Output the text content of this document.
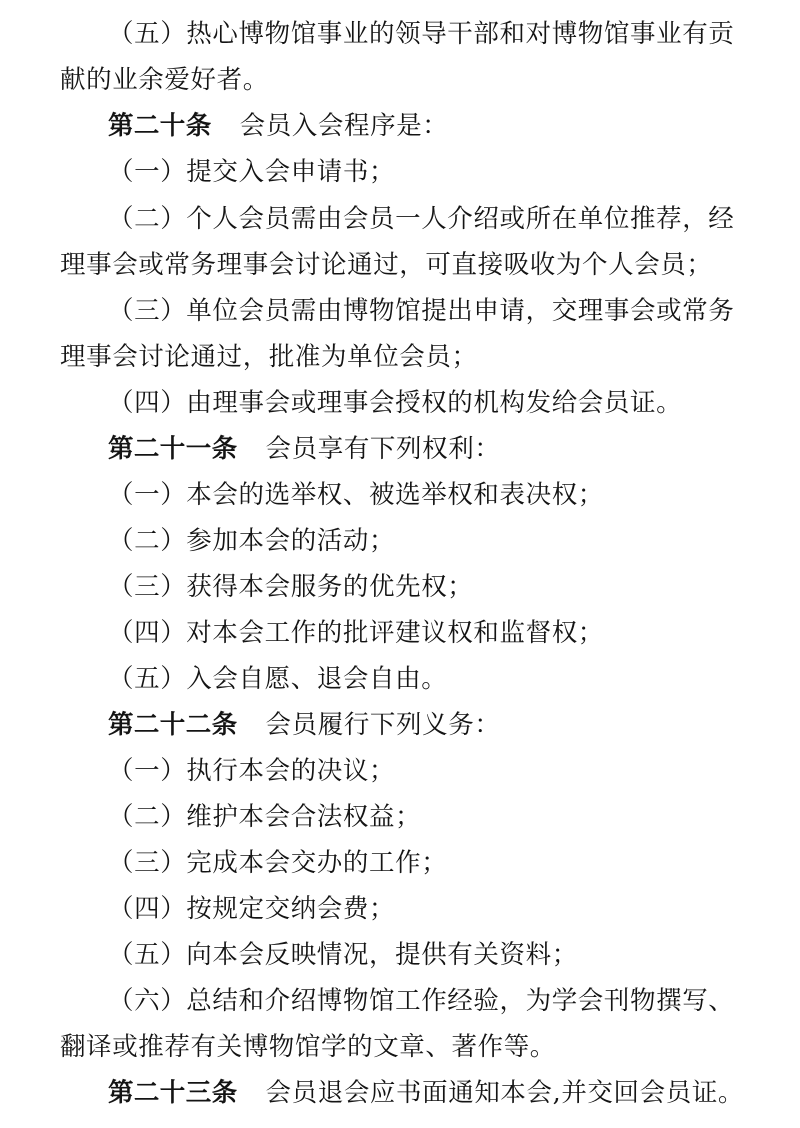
（五）热心博物馆事业的领导干部和对博物馆事业有贡
献的业余爱好者。
第二十条 会员入会程序是：
（一）提交入会申请书；
（二）个人会员需由会员一人介绍或所在单位推荐，经
理事会或常务理事会讨论通过，可直接吸收为个人会员；
（三）单位会员需由博物馆提出申请，交理事会或常务
理事会讨论通过，批准为单位会员；
（四）由理事会或理事会授权的机构发给会员证。
第二十一条 会员享有下列权利：
（一）本会的选举权、被选举权和表决权；
（二）参加本会的活动；
（三）获得本会服务的优先权；
（四）对本会工作的批评建议权和监督权；
（五）入会自愿、退会自由。
第二十二条 会员履行下列义务：
（一）执行本会的决议；
（二）维护本会合法权益；
（三）完成本会交办的工作；
（四）按规定交纳会费；
（五）向本会反映情况，提供有关资料；
（六）总结和介绍博物馆工作经验，为学会刊物撰写、
翻译或推荐有关博物馆学的文章、著作等。
第二十三条 会员退会应书面通知本会,并交回会员证。
